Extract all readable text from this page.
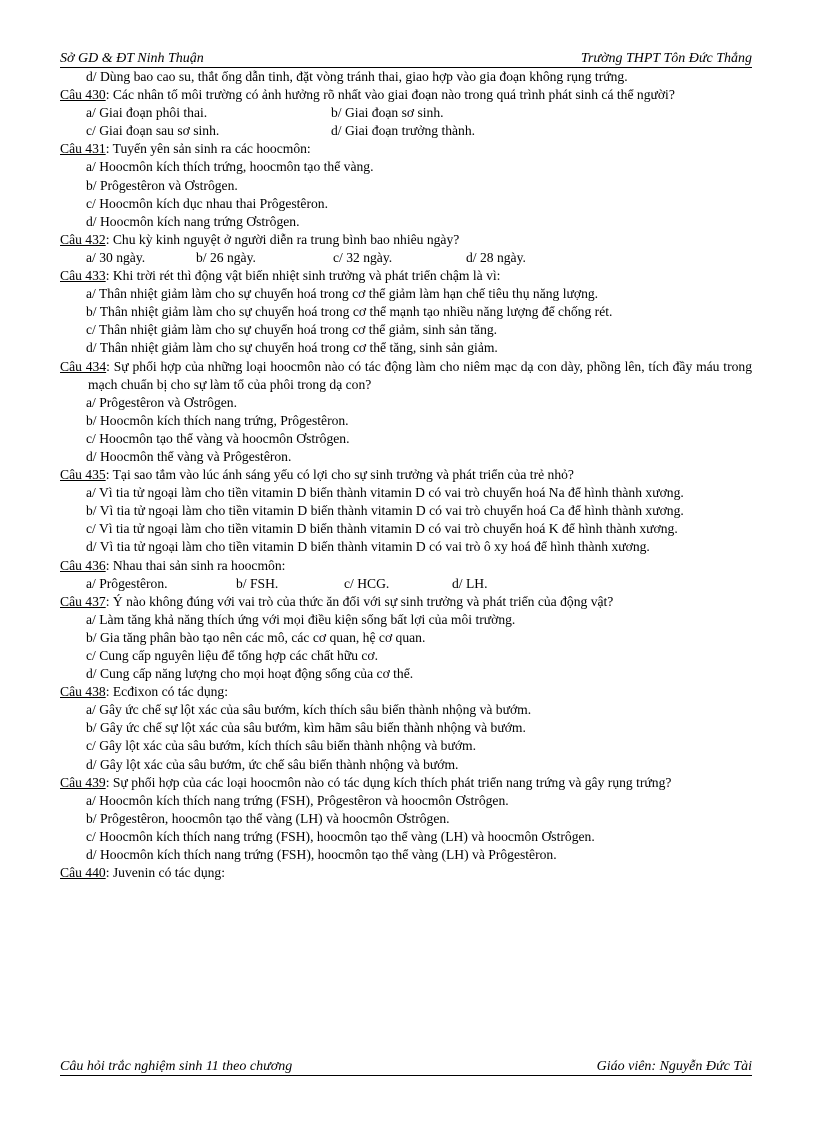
Sở GD & ĐT Ninh Thuận	Trường THPT Tôn Đức Thắng
d/ Dùng bao cao su, thắt ống dẫn tinh, đặt vòng tránh thai, giao hợp vào gia đoạn không rụng trứng.
Câu 430: Các nhân tố môi trường có ảnh hưởng rõ nhất vào giai đoạn nào trong quá trình phát sinh cá thể người?
a/ Giai đoạn phôi thai.	b/ Giai đoạn sơ sinh.
c/ Giai đoạn sau sơ sinh.	d/ Giai đoạn trưởng thành.
Câu 431: Tuyến yên sản sinh ra các hoocmôn:
a/ Hoocmôn kích thích trứng, hoocmôn tạo thể vàng.
b/ Prôgestêron và Ơstrôgen.
c/ Hoocmôn kích dục nhau thai Prôgestêron.
d/ Hoocmôn kích nang trứng Ơstrôgen.
Câu 432: Chu kỳ kinh nguyệt ở người diễn ra trung bình bao nhiêu ngày?
a/ 30 ngày.	b/ 26 ngày.	c/ 32 ngày.	d/ 28 ngày.
Câu 433: Khi trời rét thì động vật biến nhiệt sinh trưởng và phát triển chậm là vì:
a/ Thân nhiệt giảm làm cho sự chuyển hoá trong cơ thể giảm làm hạn chế tiêu thụ năng lượng.
b/ Thân nhiệt giảm làm cho sự chuyển hoá trong cơ thể mạnh tạo nhiều năng lượng để chống rét.
c/ Thân nhiệt giảm làm cho sự chuyển hoá trong cơ thể giảm, sinh sản tăng.
d/ Thân nhiệt giảm làm cho sự chuyển hoá trong cơ thể tăng, sinh sản giảm.
Câu 434: Sự phối hợp của những loại hoocmôn nào có tác động làm cho niêm mạc dạ con dày, phồng lên, tích đầy máu trong mạch chuẩn bị cho sự làm tổ của phôi trong dạ con?
a/ Prôgestêron và Ơstrôgen.
b/ Hoocmôn kích thích nang trứng, Prôgestêron.
c/ Hoocmôn tạo thể vàng và hoocmôn Ơstrôgen.
d/ Hoocmôn thể vàng và Prôgestêron.
Câu 435: Tại sao tắm vào lúc ánh sáng yếu có lợi cho sự sinh trưởng và phát triển của trẻ nhỏ?
a/ Vì tia tử ngoại làm cho tiền vitamin D biến thành vitamin D có vai trò chuyển hoá Na để hình thành xương.
b/ Vì tia tử ngoại làm cho tiền vitamin D biến thành vitamin D có vai trò chuyển hoá Ca để hình thành xương.
c/ Vì tia tử ngoại làm cho tiền vitamin D biến thành vitamin D có vai trò chuyển hoá K để hình thành xương.
d/ Vì tia tử ngoại làm cho tiền vitamin D biến thành vitamin D có vai trò ô xy hoá để hình thành xương.
Câu 436: Nhau thai sản sinh ra hoocmôn:
a/ Prôgestêron.	b/ FSH.	c/ HCG.	d/ LH.
Câu 437: Ý nào không đúng với vai trò của thức ăn đối với sự sinh trưởng và phát triển của động vật?
a/ Làm tăng khả năng thích ứng với mọi điều kiện sống bất lợi của môi trường.
b/ Gia tăng phân bào tạo nên các mô, các cơ quan, hệ cơ quan.
c/ Cung cấp nguyên liệu để tổng hợp các chất hữu cơ.
d/ Cung cấp năng lượng cho mọi hoạt động sống của cơ thể.
Câu 438: Ecđixon có tác dụng:
a/ Gây ức chế sự lột xác của sâu bướm, kích thích sâu biến thành nhộng và bướm.
b/ Gây ức chế sự lột xác của sâu bướm, kìm hãm sâu biến thành nhộng và bướm.
c/ Gây lột xác của sâu bướm, kích thích sâu biến thành nhộng và bướm.
d/ Gây lột xác của sâu bướm, ức chế sâu biến thành nhộng và bướm.
Câu 439: Sự phối hợp của các loại hoocmôn nào có tác dụng kích thích phát triển nang trứng và gây rụng trứng?
a/ Hoocmôn kích thích nang trứng (FSH), Prôgestêron và hoocmôn Ơstrôgen.
b/ Prôgestêron, hoocmôn tạo thể vàng (LH) và hoocmôn Ơstrôgen.
c/ Hoocmôn kích thích nang trứng (FSH), hoocmôn tạo thể vàng (LH) và hoocmôn Ơstrôgen.
d/ Hoocmôn kích thích nang trứng (FSH), hoocmôn tạo thể vàng (LH) và Prôgestêron.
Câu 440: Juvenin có tác dụng:
Câu hỏi trắc nghiệm sinh 11 theo chương	Giáo viên: Nguyễn Đức Tài
